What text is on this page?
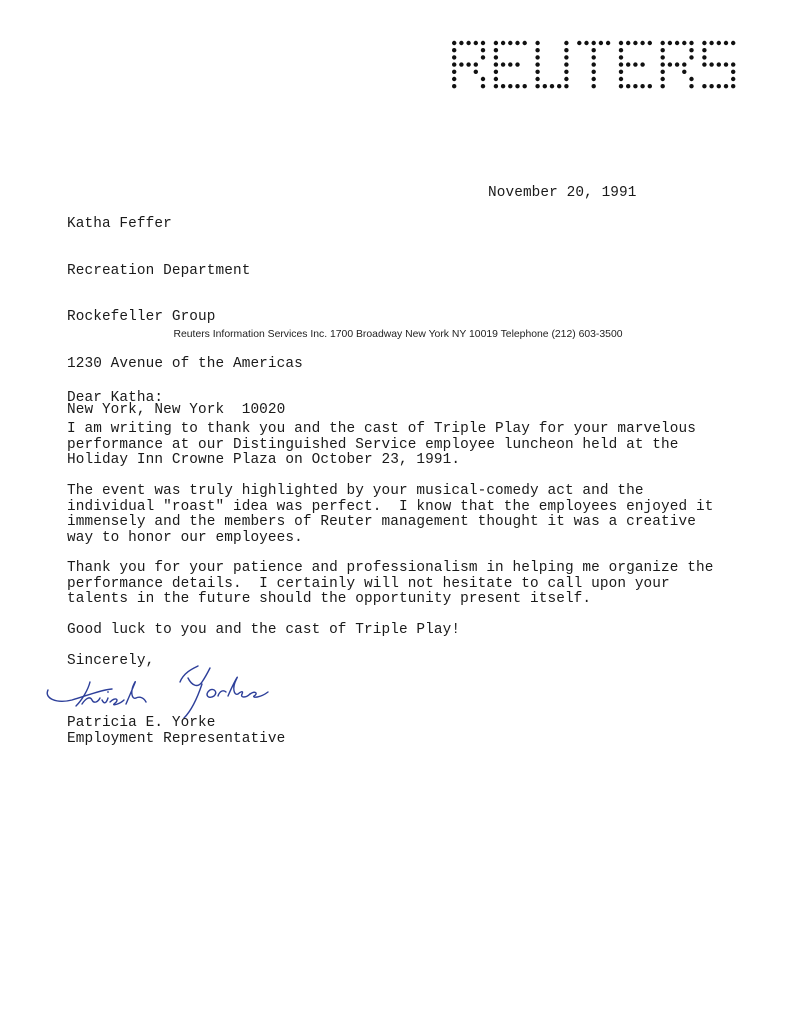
Katha Feffer

Recreation Department

Rockefeller Group

1230 Avenue of the Americas

New York, New York  10020

November 20, 1991
Reuters Information Services Inc. 1700 Broadway New York NY 10019 Telephone (212) 603-3500
Dear Katha:
I am writing to thank you and the cast of Triple Play for your marvelous
performance at our Distinguished Service employee luncheon held at the
Holiday Inn Crowne Plaza on October 23, 1991.
The event was truly highlighted by your musical-comedy act and the
individual "roast" idea was perfect.  I know that the employees enjoyed it
immensely and the members of Reuter management thought it was a creative
way to honor our employees.
Thank you for your patience and professionalism in helping me organize the
performance details.  I certainly will not hesitate to call upon your
talents in the future should the opportunity present itself.
Good luck to you and the cast of Triple Play!
Sincerely,
Patricia E. Yorke
Employment Representative
